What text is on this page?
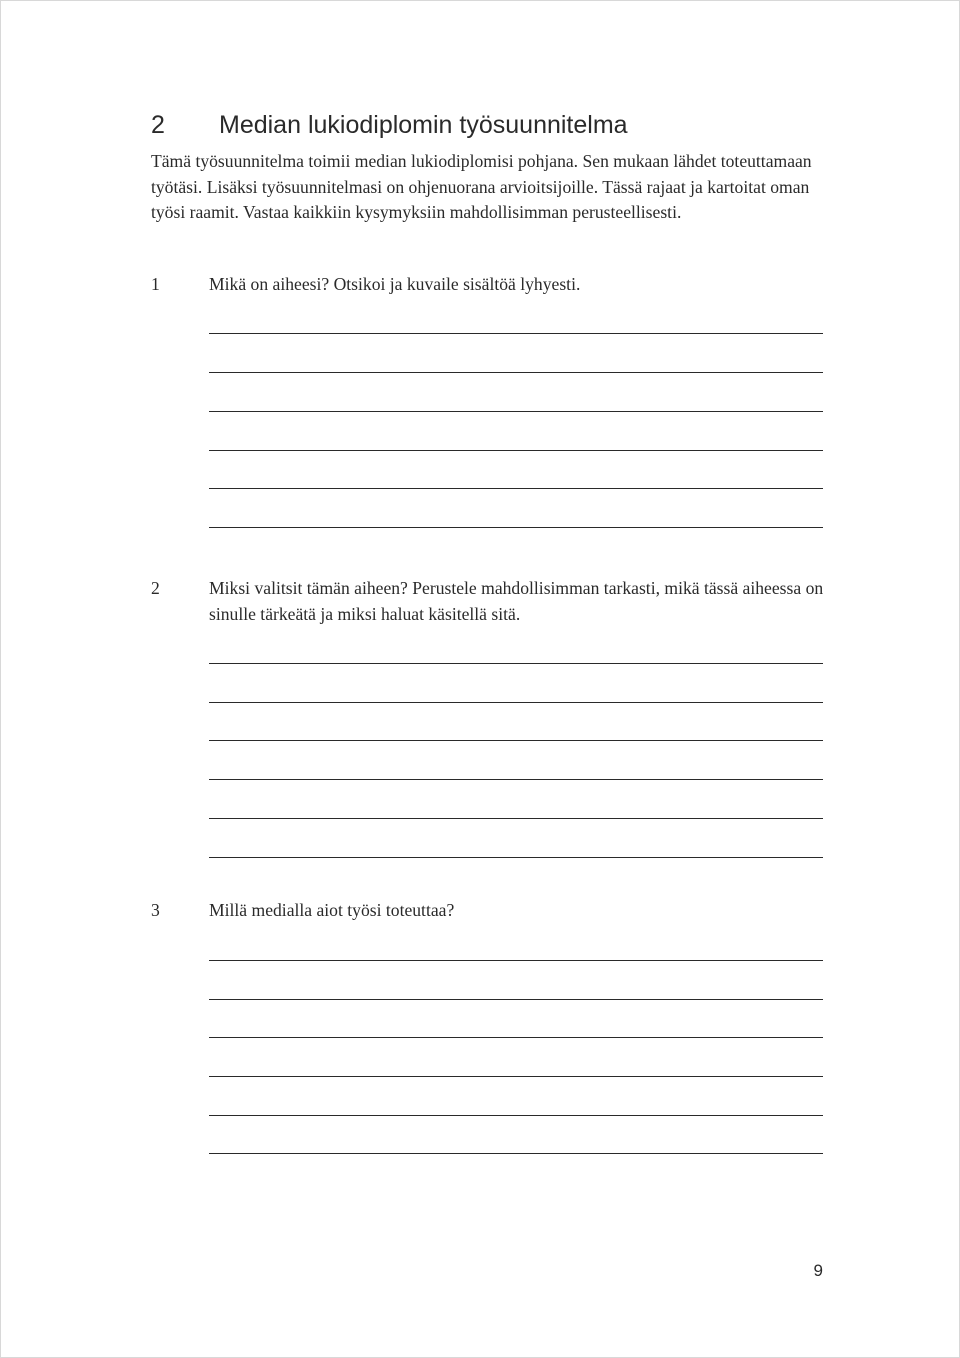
2 Median lukiodiplomin työsuunnitelma
Tämä työsuunnitelma toimii median lukiodiplomisi pohjana. Sen mukaan lähdet toteuttamaan työtäsi. Lisäksi työsuunnitelmasi on ohjenuorana arvioitsijoille. Tässä rajaat ja kartoitat oman työsi raamit. Vastaa kaikkiin kysymyksiin mahdollisimman perusteellisesti.
1	Mikä on aiheesi? Otsikoi ja kuvaile sisältöä lyhyesti.
2	Miksi valitsit tämän aiheen? Perustele mahdollisimman tarkasti, mikä tässä aiheessa on sinulle tärkeätä ja miksi haluat käsitellä sitä.
3	Millä medialla aiot työsi toteuttaa?
9
